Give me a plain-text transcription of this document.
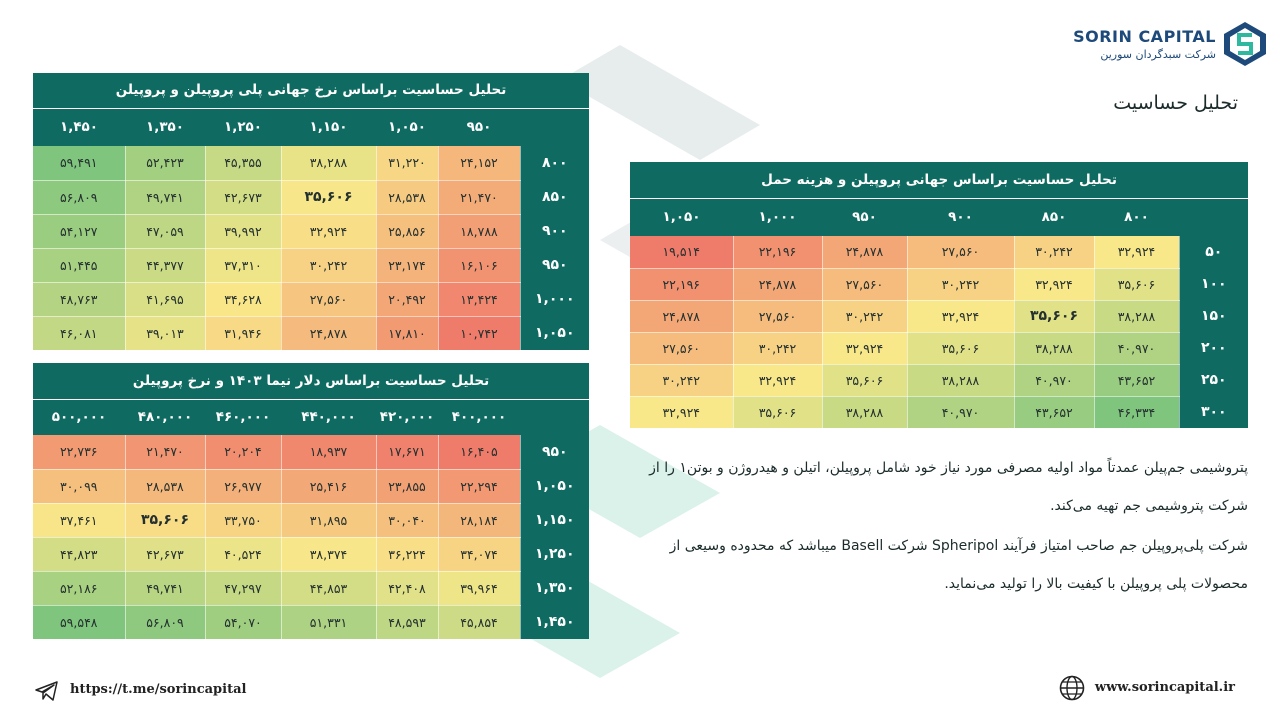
SORIN CAPITAL
شرکت سبدگردان سورین
تحلیل حساسیت
تحلیل حساسیت براساس نرخ جهانی پلی پروپیلن و پروپیلن						
۱,۴۵۰	۱,۳۵۰	۱,۲۵۰	۱,۱۵۰	۱,۰۵۰	۹۵۰	
۵۹,۴۹۱	۵۲,۴۲۳	۴۵,۳۵۵	۳۸,۲۸۸	۳۱,۲۲۰	۲۴,۱۵۲	۸۰۰
۵۶,۸۰۹	۴۹,۷۴۱	۴۲,۶۷۳	۳۵,۶۰۶	۲۸,۵۳۸	۲۱,۴۷۰	۸۵۰
۵۴,۱۲۷	۴۷,۰۵۹	۳۹,۹۹۲	۳۲,۹۲۴	۲۵,۸۵۶	۱۸,۷۸۸	۹۰۰
۵۱,۴۴۵	۴۴,۳۷۷	۳۷,۳۱۰	۳۰,۲۴۲	۲۳,۱۷۴	۱۶,۱۰۶	۹۵۰
۴۸,۷۶۳	۴۱,۶۹۵	۳۴,۶۲۸	۲۷,۵۶۰	۲۰,۴۹۲	۱۳,۴۲۴	۱,۰۰۰
۴۶,۰۸۱	۳۹,۰۱۳	۳۱,۹۴۶	۲۴,۸۷۸	۱۷,۸۱۰	۱۰,۷۴۲	۱,۰۵۰
تحلیل حساسیت براساس دلار نیما ۱۴۰۳ و نرخ پروپیلن						
۵۰۰,۰۰۰	۴۸۰,۰۰۰	۴۶۰,۰۰۰	۴۴۰,۰۰۰	۴۲۰,۰۰۰	۴۰۰,۰۰۰	
۲۲,۷۳۶	۲۱,۴۷۰	۲۰,۲۰۴	۱۸,۹۳۷	۱۷,۶۷۱	۱۶,۴۰۵	۹۵۰
۳۰,۰۹۹	۲۸,۵۳۸	۲۶,۹۷۷	۲۵,۴۱۶	۲۳,۸۵۵	۲۲,۲۹۴	۱,۰۵۰
۳۷,۴۶۱	۳۵,۶۰۶	۳۳,۷۵۰	۳۱,۸۹۵	۳۰,۰۴۰	۲۸,۱۸۴	۱,۱۵۰
۴۴,۸۲۳	۴۲,۶۷۳	۴۰,۵۲۴	۳۸,۳۷۴	۳۶,۲۲۴	۳۴,۰۷۴	۱,۲۵۰
۵۲,۱۸۶	۴۹,۷۴۱	۴۷,۲۹۷	۴۴,۸۵۳	۴۲,۴۰۸	۳۹,۹۶۴	۱,۳۵۰
۵۹,۵۴۸	۵۶,۸۰۹	۵۴,۰۷۰	۵۱,۳۳۱	۴۸,۵۹۳	۴۵,۸۵۴	۱,۴۵۰
تحلیل حساسیت براساس جهانی پروپیلن و هزینه حمل						
۱,۰۵۰	۱,۰۰۰	۹۵۰	۹۰۰	۸۵۰	۸۰۰	
۱۹,۵۱۴	۲۲,۱۹۶	۲۴,۸۷۸	۲۷,۵۶۰	۳۰,۲۴۲	۳۲,۹۲۴	۵۰
۲۲,۱۹۶	۲۴,۸۷۸	۲۷,۵۶۰	۳۰,۲۴۲	۳۲,۹۲۴	۳۵,۶۰۶	۱۰۰
۲۴,۸۷۸	۲۷,۵۶۰	۳۰,۲۴۲	۳۲,۹۲۴	۳۵,۶۰۶	۳۸,۲۸۸	۱۵۰
۲۷,۵۶۰	۳۰,۲۴۲	۳۲,۹۲۴	۳۵,۶۰۶	۳۸,۲۸۸	۴۰,۹۷۰	۲۰۰
۳۰,۲۴۲	۳۲,۹۲۴	۳۵,۶۰۶	۳۸,۲۸۸	۴۰,۹۷۰	۴۳,۶۵۲	۲۵۰
۳۲,۹۲۴	۳۵,۶۰۶	۳۸,۲۸۸	۴۰,۹۷۰	۴۳,۶۵۲	۴۶,۳۳۴	۳۰۰
پتروشیمی جم‌پیلن عمدتاً مواد اولیه مصرفی مورد نیاز خود شامل پروپیلن، اتیلن و هیدروژن و بوتن۱ را از شرکت پتروشیمی جم تهیه می‌کند.
شرکت پلی‌پروپیلن جم صاحب امتیاز فرآیند Spheripol شرکت Basell میباشد که محدوده وسیعی از محصولات پلی پروپیلن با کیفیت بالا را تولید می‌نماید.
https://t.me/sorincapital	www.sorincapital.ir
